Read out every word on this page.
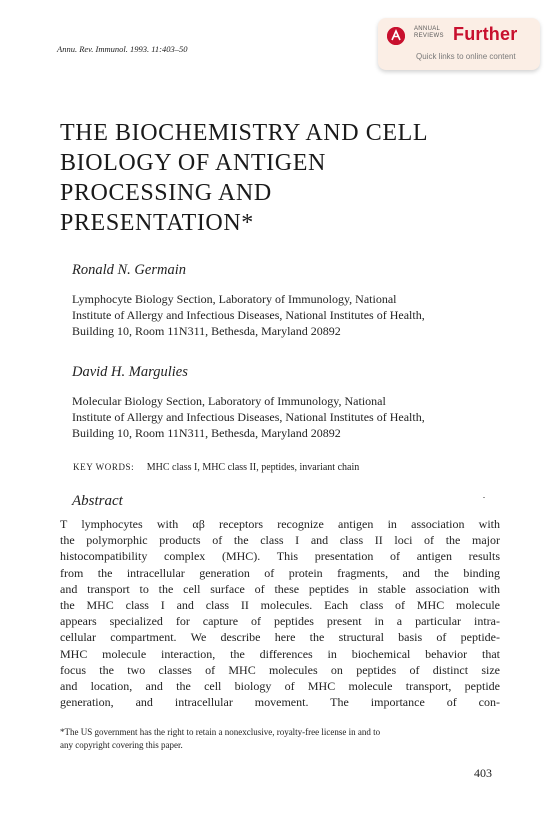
Annu. Rev. Immunol. 1993. 11:403–50
ANNUAL
REVIEWS Further
Quick links to online content
THE BIOCHEMISTRY AND CELL
BIOLOGY OF ANTIGEN
PROCESSING AND
PRESENTATION*
Ronald N. Germain
Lymphocyte Biology Section, Laboratory of Immunology, National
Institute of Allergy and Infectious Diseases, National Institutes of Health,
Building 10, Room 11N311, Bethesda, Maryland 20892
David H. Margulies
Molecular Biology Section, Laboratory of Immunology, National
Institute of Allergy and Infectious Diseases, National Institutes of Health,
Building 10, Room 11N311, Bethesda, Maryland 20892
KEY WORDS: MHC class I, MHC class II, peptides, invariant chain
Abstract
T lymphocytes with αβ receptors recognize antigen in association with
the polymorphic products of the class I and class II loci of the major
histocompatibility complex (MHC). This presentation of antigen results
from the intracellular generation of protein fragments, and the binding
and transport to the cell surface of these peptides in stable association with
the MHC class I and class II molecules. Each class of MHC molecule
appears specialized for capture of peptides present in a particular intra-
cellular compartment. We describe here the structural basis of peptide-
MHC molecule interaction, the differences in biochemical behavior that
focus the two classes of MHC molecules on peptides of distinct size
and location, and the cell biology of MHC molecule transport, peptide
generation, and intracellular movement. The importance of con-
*The US government has the right to retain a nonexclusive, royalty-free license in and to
any copyright covering this paper.
403
